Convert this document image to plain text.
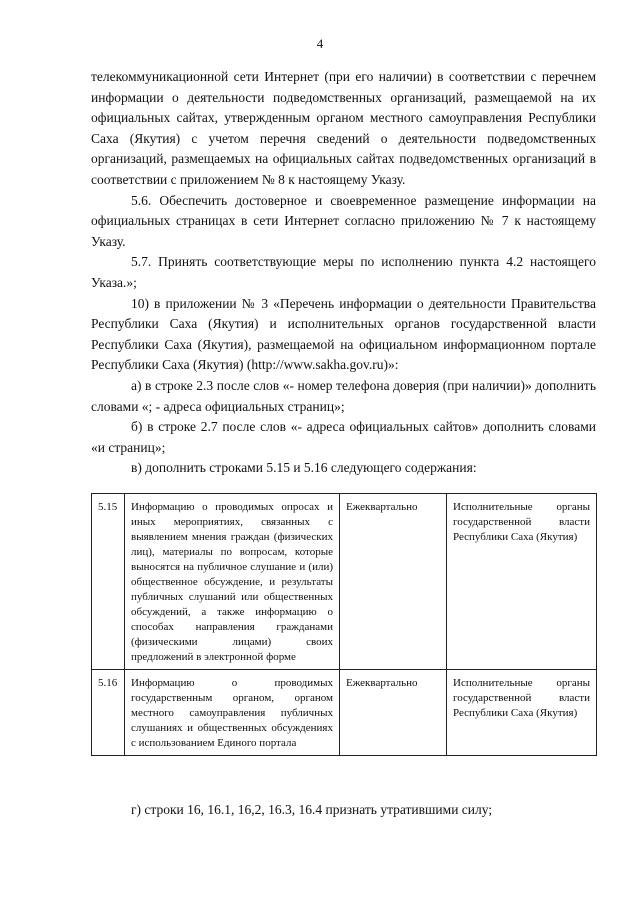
4

телекоммуникационной сети Интернет (при его наличии) в соответствии с перечнем информации о деятельности подведомственных организаций, размещаемой на их официальных сайтах, утвержденным органом местного самоуправления Республики Саха (Якутия) с учетом перечня сведений о деятельности подведомственных организаций, размещаемых на официальных сайтах подведомственных организаций в соответствии с приложением № 8 к настоящему Указу.

5.6. Обеспечить достоверное и своевременное размещение информации на официальных страницах в сети Интернет согласно приложению № 7 к настоящему Указу.

5.7. Принять соответствующие меры по исполнению пункта 4.2 настоящего Указа.»;

10) в приложении № 3 «Перечень информации о деятельности Правительства Республики Саха (Якутия) и исполнительных органов государственной власти Республики Саха (Якутия), размещаемой на официальном информационном портале Республики Саха (Якутия) (http://www.sakha.gov.ru)»:

а) в строке 2.3 после слов «- номер телефона доверия (при наличии)» дополнить словами «; - адреса официальных страниц»;

б) в строке 2.7 после слов «- адреса официальных сайтов» дополнить словами «и страниц»;

в) дополнить строками 5.15 и 5.16 следующего содержания:

5.15	Информацию о проводимых опросах и иных мероприятиях, связанных с выявлением мнения граждан (физических лиц), материалы по вопросам, которые выносятся на публичное слушание и (или) общественное обсуждение, и результаты публичных слушаний или общественных обсуждений, а также информацию о способах направления гражданами (физическими лицами) своих предложений в электронной форме	Ежеквартально	Исполнительные органы государственной власти Республики Саха (Якутия)
5.16	Информацию о проводимых государственным органом, органом местного самоуправления публичных слушаниях и общественных обсуждениях с использованием Единого портала	Ежеквартально	Исполнительные органы государственной власти Республики Саха (Якутия)
г) строки 16, 16.1, 16,2, 16.3, 16.4 признать утратившими силу;
